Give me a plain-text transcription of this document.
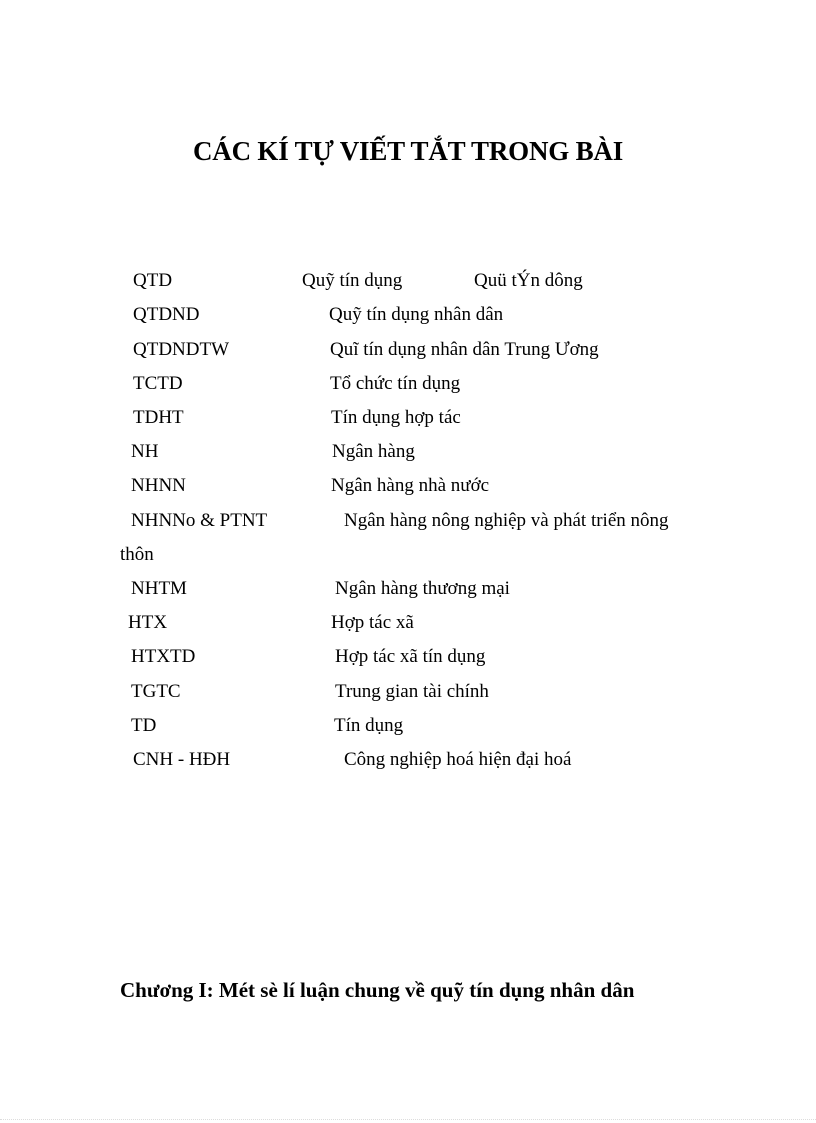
CÁC KÍ TỰ VIẾT TẮT TRONG BÀI
QTD	Quỹ tín dụng	Quü tÝn dông
QTDND	Quỹ tín dụng nhân dân
QTDNDTW	Quĩ tín dụng nhân dân Trung Ương
TCTD	Tổ chức tín dụng
TDHT	Tín dụng hợp tác
NH	Ngân hàng
NHNN	Ngân hàng nhà nước
NHNNo & PTNT	Ngân hàng nông nghiệp và phát triển nông
thôn
NHTM	Ngân hàng thương mại
HTX	Hợp tác xã
HTXTD	Hợp tác xã tín dụng
TGTC	Trung gian tài chính
TD	Tín dụng
CNH - HĐH	Công nghiệp hoá hiện đại hoá
Chương I: Mét sè lí luận chung về quỹ tín dụng nhân dân
